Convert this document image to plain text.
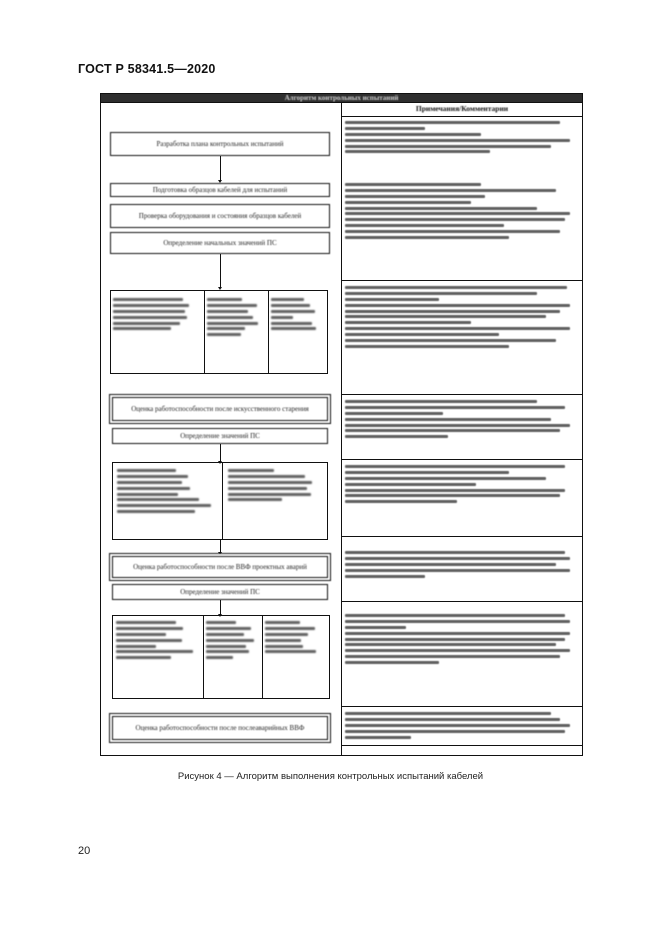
ГОСТ Р 58341.5—2020
Алгоритм контрольных испытаний
Примечания/Комментарии
Разработка плана контрольных испытаний
Подготовка образцов кабелей для испытаний
Проверка оборудования и состояния образцов кабелей
Определение начальных значений ПС
Оценка работоспособности после искусственного старения
Определение значений ПС
Оценка работоспособности после ВВФ проектных аварий
Определение значений ПС
Оценка работоспособности после послеаварийных ВВФ
Рисунок 4 — Алгоритм выполнения контрольных испытаний кабелей
20
